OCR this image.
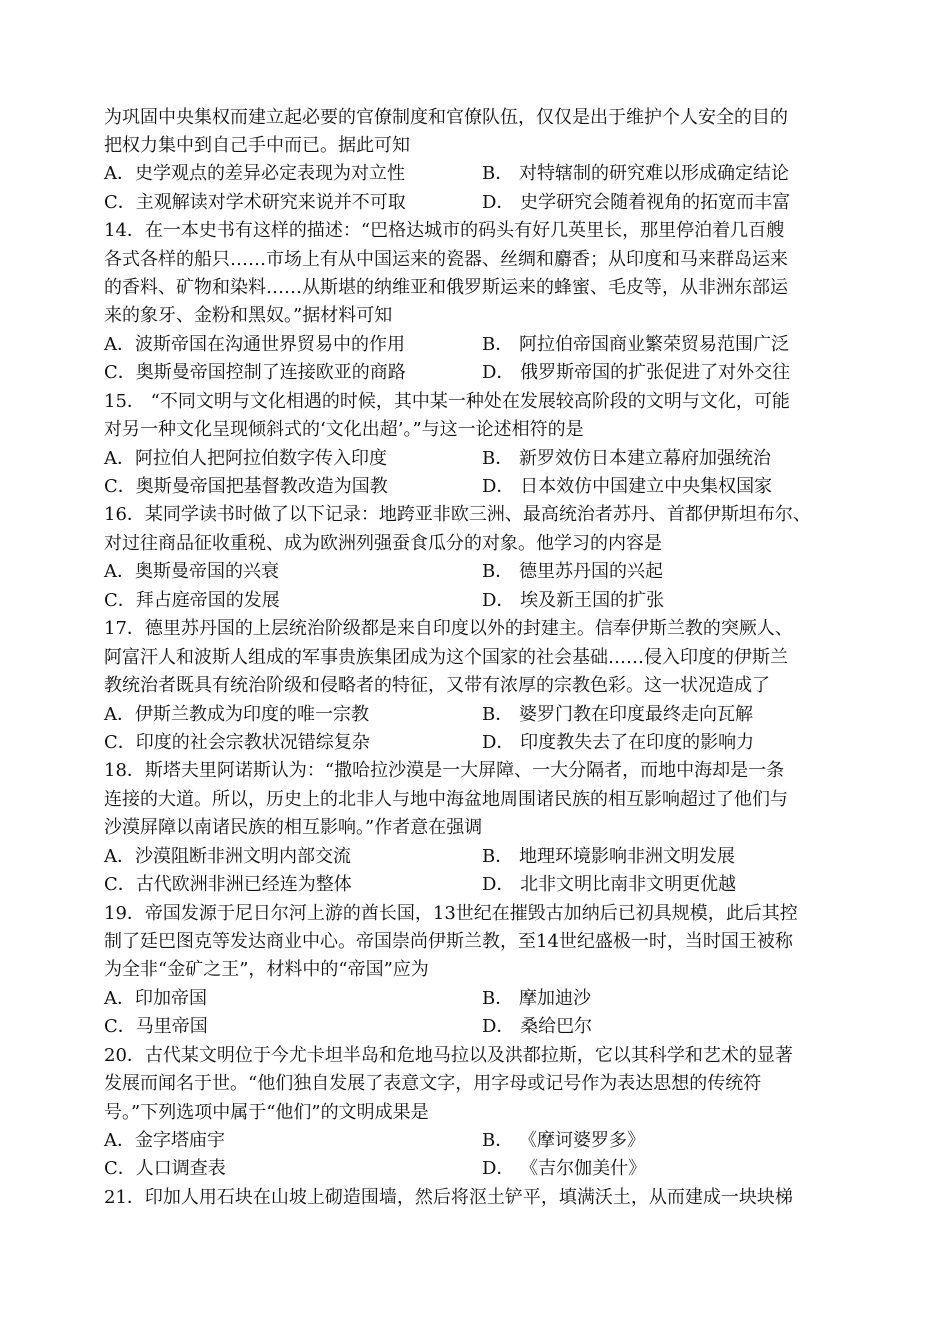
为巩固中央集权而建立起必要的官僚制度和官僚队伍，仅仅是出于维护个人安全的目的
把权力集中到自己手中而已。据此可知
A．史学观点的差异必定表现为对立性	B． 对特辖制的研究难以形成确定结论
C．主观解读对学术研究来说并不可取	D． 史学研究会随着视角的拓宽而丰富
14．在一本史书有这样的描述：“巴格达城市的码头有好几英里长，那里停泊着几百艘
各式各样的船只……市场上有从中国运来的瓷器、丝绸和麝香；从印度和马来群岛运来
的香料、矿物和染料……从斯堪的纳维亚和俄罗斯运来的蜂蜜、毛皮等，从非洲东部运
来的象牙、金粉和黑奴。”据材料可知
A．波斯帝国在沟通世界贸易中的作用	B． 阿拉伯帝国商业繁荣贸易范围广泛
C．奥斯曼帝国控制了连接欧亚的商路	D． 俄罗斯帝国的扩张促进了对外交往
15． “不同文明与文化相遇的时候，其中某一种处在发展较高阶段的文明与文化，可能
对另一种文化呈现倾斜式的‘文化出超’。”与这一论述相符的是
A．阿拉伯人把阿拉伯数字传入印度	B． 新罗效仿日本建立幕府加强统治
C．奥斯曼帝国把基督教改造为国教	D． 日本效仿中国建立中央集权国家
16．某同学读书时做了以下记录：地跨亚非欧三洲、最高统治者苏丹、首都伊斯坦布尔、
对过往商品征收重税、成为欧洲列强蚕食瓜分的对象。他学习的内容是
A．奥斯曼帝国的兴衰	B． 德里苏丹国的兴起
C．拜占庭帝国的发展	D． 埃及新王国的扩张
17．德里苏丹国的上层统治阶级都是来自印度以外的封建主。信奉伊斯兰教的突厥人、
阿富汗人和波斯人组成的军事贵族集团成为这个国家的社会基础……侵入印度的伊斯兰
教统治者既具有统治阶级和侵略者的特征，又带有浓厚的宗教色彩。这一状况造成了
A．伊斯兰教成为印度的唯一宗教	B． 婆罗门教在印度最终走向瓦解
C．印度的社会宗教状况错综复杂	D． 印度教失去了在印度的影响力
18．斯塔夫里阿诺斯认为：“撒哈拉沙漠是一大屏障、一大分隔者，而地中海却是一条
连接的大道。所以，历史上的北非人与地中海盆地周围诸民族的相互影响超过了他们与
沙漠屏障以南诸民族的相互影响。”作者意在强调
A．沙漠阻断非洲文明内部交流	B． 地理环境影响非洲文明发展
C．古代欧洲非洲已经连为整体	D． 北非文明比南非文明更优越
19．帝国发源于尼日尔河上游的酋长国，13世纪在摧毁古加纳后已初具规模，此后其控
制了廷巴图克等发达商业中心。帝国崇尚伊斯兰教，至14世纪盛极一时，当时国王被称
为全非“金矿之王”，材料中的“帝国”应为
A．印加帝国	B． 摩加迪沙
C．马里帝国	D． 桑给巴尔
20．古代某文明位于今尤卡坦半岛和危地马拉以及洪都拉斯，它以其科学和艺术的显著
发展而闻名于世。“他们独自发展了表意文字，用字母或记号作为表达思想的传统符
号。”下列选项中属于“他们”的文明成果是
A．金字塔庙宇	B． 《摩诃婆罗多》
C．人口调查表	D． 《吉尔伽美什》
21．印加人用石块在山坡上砌造围墙，然后将沤土铲平，填满沃土，从而建成一块块梯
